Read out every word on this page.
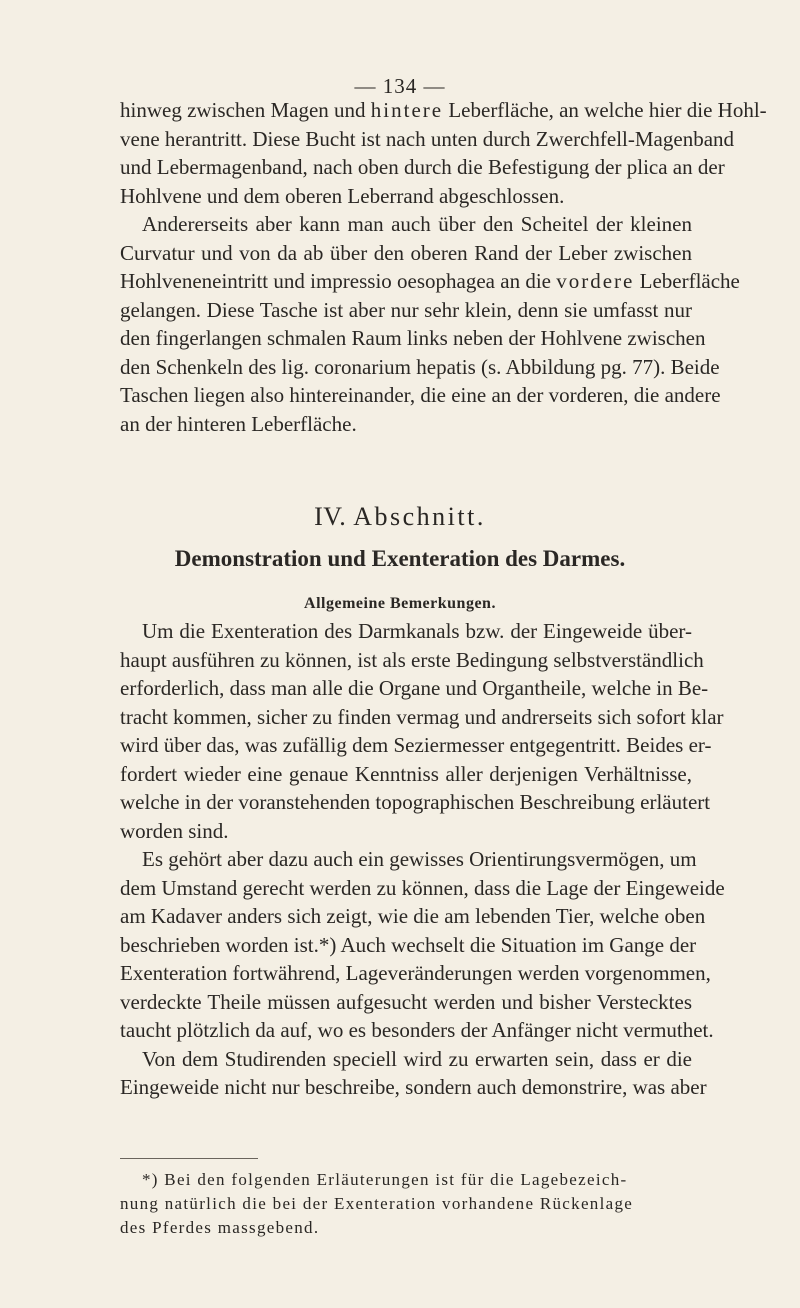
— 134 —
hinweg zwischen Magen und hintere Leberfläche, an welche hier die Hohl-
vene herantritt. Diese Bucht ist nach unten durch Zwerchfell-Magenband
und Lebermagenband, nach oben durch die Befestigung der plica an der
Hohlvene und dem oberen Leberrand abgeschlossen.
Andererseits aber kann man auch über den Scheitel der kleinen
Curvatur und von da ab über den oberen Rand der Leber zwischen
Hohlveneneintritt und impressio oesophagea an die vordere Leberfläche
gelangen. Diese Tasche ist aber nur sehr klein, denn sie umfasst nur
den fingerlangen schmalen Raum links neben der Hohlvene zwischen
den Schenkeln des lig. coronarium hepatis (s. Abbildung pg. 77). Beide
Taschen liegen also hintereinander, die eine an der vorderen, die andere
an der hinteren Leberfläche.
IV. Abschnitt.
Demonstration und Exenteration des Darmes.
Allgemeine Bemerkungen.
Um die Exenteration des Darmkanals bzw. der Eingeweide über-
haupt ausführen zu können, ist als erste Bedingung selbstverständlich
erforderlich, dass man alle die Organe und Organtheile, welche in Be-
tracht kommen, sicher zu finden vermag und andrerseits sich sofort klar
wird über das, was zufällig dem Seziermesser entgegentritt. Beides er-
fordert wieder eine genaue Kenntniss aller derjenigen Verhältnisse,
welche in der voranstehenden topographischen Beschreibung erläutert
worden sind.
Es gehört aber dazu auch ein gewisses Orientirungsvermögen, um
dem Umstand gerecht werden zu können, dass die Lage der Eingeweide
am Kadaver anders sich zeigt, wie die am lebenden Tier, welche oben
beschrieben worden ist.*) Auch wechselt die Situation im Gange der
Exenteration fortwährend, Lageveränderungen werden vorgenommen,
verdeckte Theile müssen aufgesucht werden und bisher Verstecktes
taucht plötzlich da auf, wo es besonders der Anfänger nicht vermuthet.
Von dem Studirenden speciell wird zu erwarten sein, dass er die
Eingeweide nicht nur beschreibe, sondern auch demonstrire, was aber
*) Bei den folgenden Erläuterungen ist für die Lagebezeich-
nung natürlich die bei der Exenteration vorhandene Rückenlage
des Pferdes massgebend.
